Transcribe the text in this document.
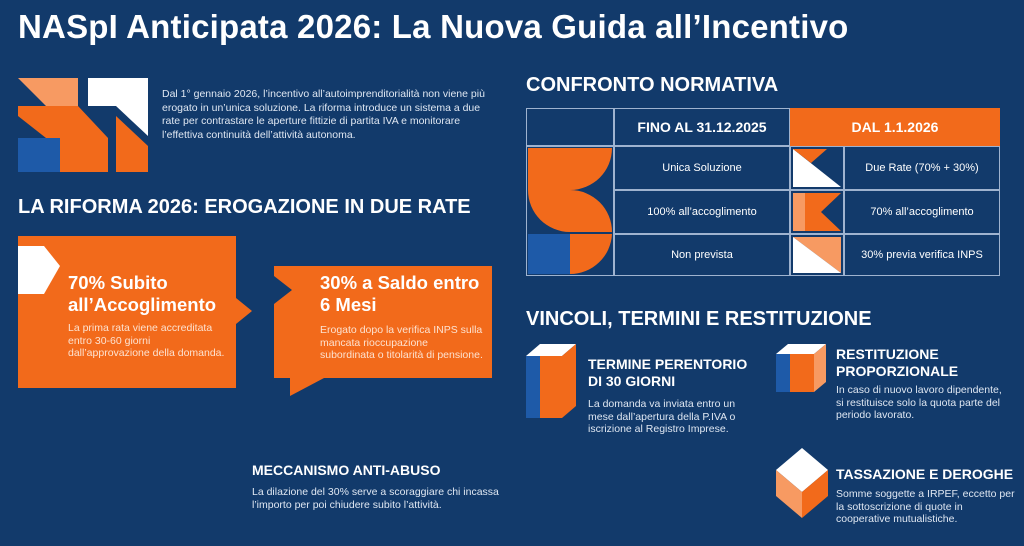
NASpI Anticipata 2026: La Nuova Guida all’Incentivo
Dal 1° gennaio 2026, l’incentivo all’autoimprenditorialità non viene più erogato in un’unica soluzione. La riforma introduce un sistema a due rate per contrastare le aperture fittizie di partita IVA e monitorare l’effettiva continuità dell’attività autonoma.
LA RIFORMA 2026: EROGAZIONE IN DUE RATE
70% Subito all’Accoglimento

La prima rata viene accreditata entro 30-60 giorni dall’approvazione della domanda.

30% a Saldo entro 6 Mesi

Erogato dopo la verifica INPS sulla mancata rioccupazione subordinata o titolarità di pensione.

MECCANISMO ANTI-ABUSO
La dilazione del 30% serve a scoraggiare chi incassa l’importo per poi chiudere subito l’attività.
CONFRONTO NORMATIVA
FINO AL 31.12.2025	DAL 1.1.2026
Unica Soluzione
100% all’accoglimento
Non prevista
Due Rate (70% + 30%)
70% all’accoglimento
30% previa verifica INPS
VINCOLI, TERMINI E RESTITUZIONE
TERMINE PERENTORIO DI 30 GIORNI
La domanda va inviata entro un mese dall’apertura della P.IVA o iscrizione al Registro Imprese.
RESTITUZIONE PROPORZIONALE
In caso di nuovo lavoro dipendente, si restituisce solo la quota parte del periodo lavorato.
TASSAZIONE E DEROGHE
Somme soggette a IRPEF, eccetto per la sottoscrizione di quote in cooperative mutualistiche.
